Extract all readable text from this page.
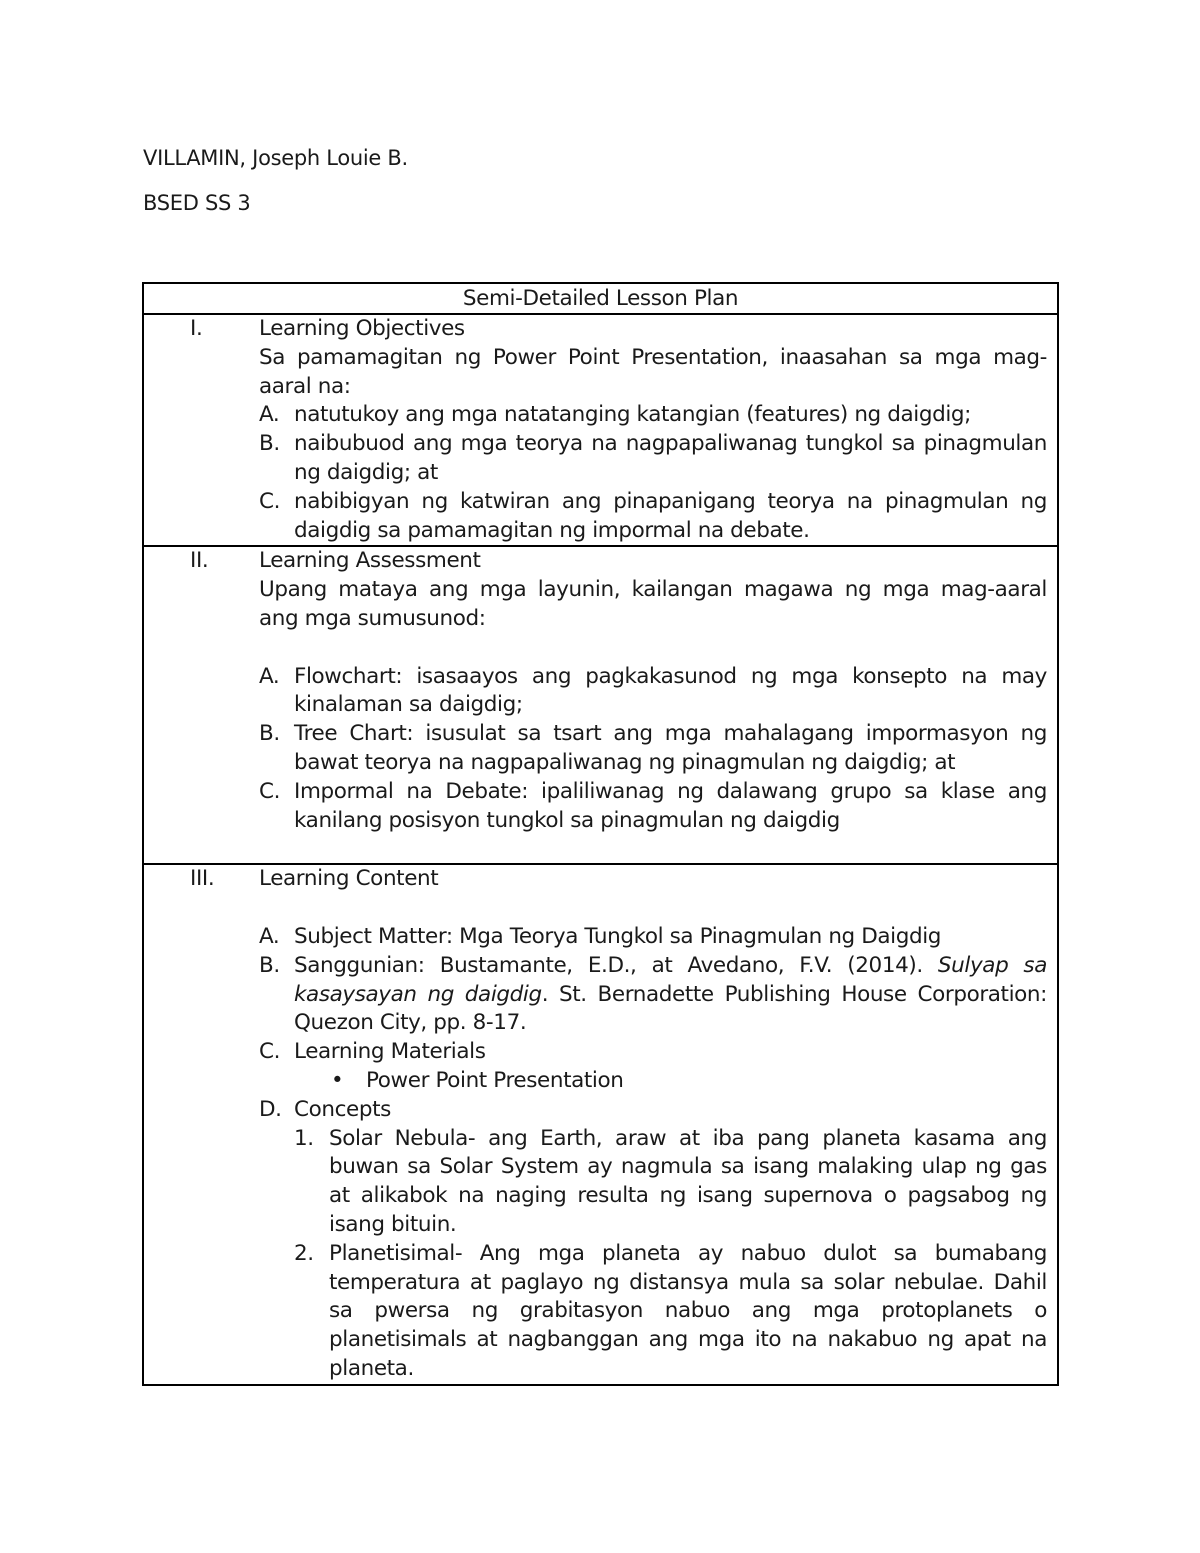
VILLAMIN, Joseph Louie B.
BSED SS 3
Semi-Detailed Lesson Plan
I.	Learning Objectives
Sa pamamagitan ng Power Point Presentation, inaasahan sa mga mag-aaral na:
A. natutukoy ang mga natatanging katangian (features) ng daigdig;
B. naibubuod ang mga teorya na nagpapaliwanag tungkol sa pinagmulan ng daigdig; at
C. nabibigyan ng katwiran ang pinapanigang teorya na pinagmulan ng daigdig sa pamamagitan ng impormal na debate.
II.	Learning Assessment
Upang mataya ang mga layunin, kailangan magawa ng mga mag-aaral ang mga sumusunod:
A. Flowchart: isasaayos ang pagkakasunod ng mga konsepto na may kinalaman sa daigdig;
B. Tree Chart: isusulat sa tsart ang mga mahalagang impormasyon ng bawat teorya na nagpapaliwanag ng pinagmulan ng daigdig; at
C. Impormal na Debate: ipaliliwanag ng dalawang grupo sa klase ang kanilang posisyon tungkol sa pinagmulan ng daigdig
III.	Learning Content
A. Subject Matter: Mga Teorya Tungkol sa Pinagmulan ng Daigdig
B. Sanggunian: Bustamante, E.D., at Avedano, F.V. (2014). Sulyap sa kasaysayan ng daigdig. St. Bernadette Publishing House Corporation: Quezon City, pp. 8-17.
C. Learning Materials
•	Power Point Presentation
D. Concepts
1. Solar Nebula- ang Earth, araw at iba pang planeta kasama ang buwan sa Solar System ay nagmula sa isang malaking ulap ng gas at alikabok na naging resulta ng isang supernova o pagsabog ng isang bituin.
2. Planetisimal- Ang mga planeta ay nabuo dulot sa bumabang temperatura at paglayo ng distansya mula sa solar nebulae. Dahil sa pwersa ng grabitasyon nabuo ang mga protoplanets o planetisimals at nagbanggan ang mga ito na nakabuo ng apat na planeta.
